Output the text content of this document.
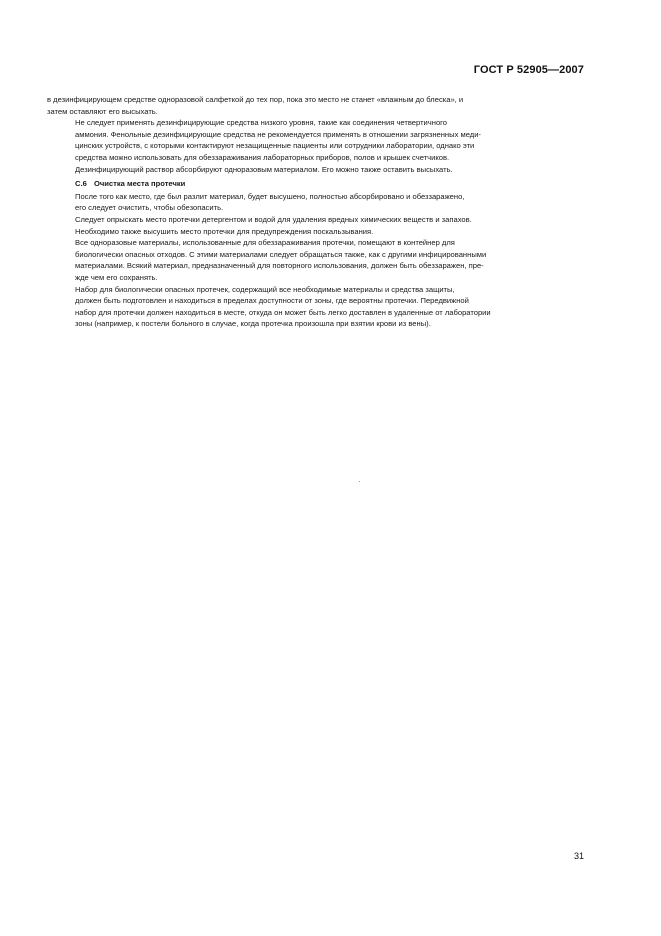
ГОСТ Р 52905—2007

в дезинфицирующем средстве одноразовой салфеткой до тех пор, пока это место не станет «влажным до блеска», и
затем оставляют его высыхать.

Не следует применять дезинфицирующие средства низкого уровня, такие как соединения четвертичного
аммония. Фенольные дезинфицирующие средства не рекомендуется применять в отношении загрязненных меди-
цинских устройств, с которыми контактируют незащищенные пациенты или сотрудники лаборатории, однако эти
средства можно использовать для обеззараживания лабораторных приборов, полов и крышек счетчиков.

Дезинфицирующий раствор абсорбируют одноразовым материалом. Его можно также оставить высыхать.

С.6 Очистка места протечки

После того как место, где был разлит материал, будет высушено, полностью абсорбировано и обеззаражено,
его следует очистить, чтобы обезопасить.

Следует опрыскать место протечки детергентом и водой для удаления вредных химических веществ и запахов.

Необходимо также высушить место протечки для предупреждения поскальзывания.

Все одноразовые материалы, использованные для обеззараживания протечки, помещают в контейнер для
биологически опасных отходов. С этими материалами следует обращаться также, как с другими инфицированными
материалами. Всякий материал, предназначенный для повторного использования, должен быть обеззаражен, пре-
жде чем его сохранять.

Набор для биологически опасных протечек, содержащий все необходимые материалы и средства защиты,
должен быть подготовлен и находиться в пределах доступности от зоны, где вероятны протечки. Передвижной
набор для протечки должен находиться в месте, откуда он может быть легко доставлен в удаленные от лаборатории
зоны (например, к постели больного в случае, когда протечка произошла при взятии крови из вены).

31
